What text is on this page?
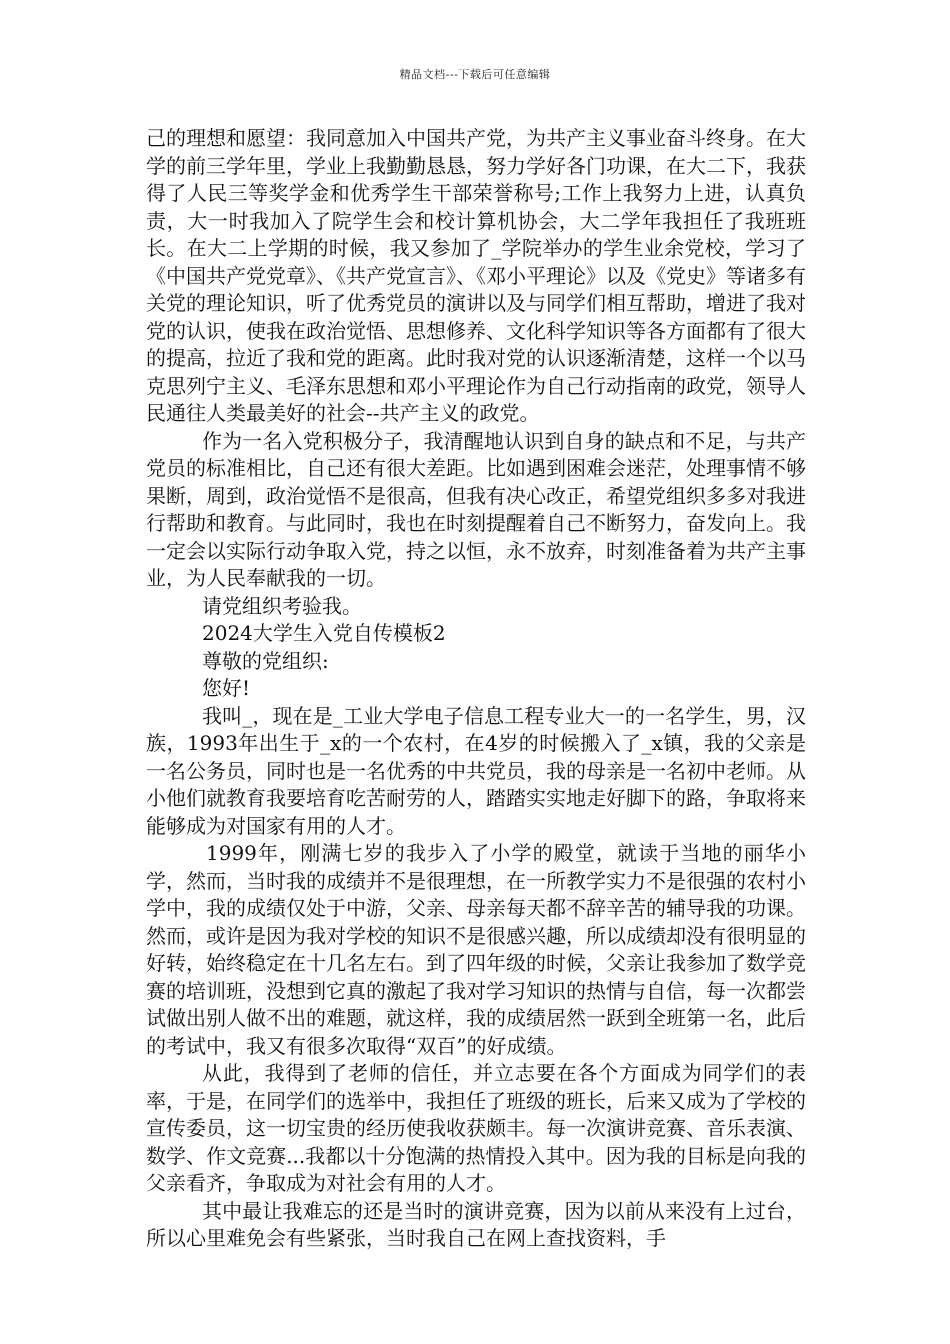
精品文档---下载后可任意编辑

己的理想和愿望：我同意加入中国共产党，为共产主义事业奋斗终身。在大学的前三学年里，学业上我勤勤恳恳，努力学好各门功课，在大二下，我获得了人民三等奖学金和优秀学生干部荣誉称号;工作上我努力上进，认真负责，大一时我加入了院学生会和校计算机协会，大二学年我担任了我班班长。在大二上学期的时候，我又参加了_学院举办的学生业余党校，学习了《中国共产党党章》、《共产党宣言》、《邓小平理论》以及《党史》等诸多有关党的理论知识，听了优秀党员的演讲以及与同学们相互帮助，增进了我对党的认识，使我在政治觉悟、思想修养、文化科学知识等各方面都有了很大的提高，拉近了我和党的距离。此时我对党的认识逐渐清楚，这样一个以马克思列宁主义、毛泽东思想和邓小平理论作为自己行动指南的政党，领导人民通往人类最美好的社会--共产主义的政党。

作为一名入党积极分子，我清醒地认识到自身的缺点和不足，与共产党员的标准相比，自己还有很大差距。比如遇到困难会迷茫，处理事情不够果断，周到，政治觉悟不是很高，但我有决心改正，希望党组织多多对我进行帮助和教育。与此同时，我也在时刻提醒着自己不断努力，奋发向上。我一定会以实际行动争取入党，持之以恒，永不放弃，时刻准备着为共产主事业，为人民奉献我的一切。

请党组织考验我。

2024大学生入党自传模板2

尊敬的党组织:

您好!

我叫_，现在是_工业大学电子信息工程专业大一的一名学生，男，汉族，1993年出生于_x的一个农村，在4岁的时候搬入了_x镇，我的父亲是一名公务员，同时也是一名优秀的中共党员，我的母亲是一名初中老师。从小他们就教育我要培育吃苦耐劳的人，踏踏实实地走好脚下的路，争取将来能够成为对国家有用的人才。

1999年，刚满七岁的我步入了小学的殿堂，就读于当地的丽华小学，然而，当时我的成绩并不是很理想，在一所教学实力不是很强的农村小学中，我的成绩仅处于中游，父亲、母亲每天都不辞辛苦的辅导我的功课。然而，或许是因为我对学校的知识不是很感兴趣，所以成绩却没有很明显的好转，始终稳定在十几名左右。到了四年级的时候，父亲让我参加了数学竞赛的培训班，没想到它真的激起了我对学习知识的热情与自信，每一次都尝试做出别人做不出的难题，就这样，我的成绩居然一跃到全班第一名，此后的考试中，我又有很多次取得“双百”的好成绩。

从此，我得到了老师的信任，并立志要在各个方面成为同学们的表率，于是，在同学们的选举中，我担任了班级的班长，后来又成为了学校的宣传委员，这一切宝贵的经历使我收获颇丰。每一次演讲竞赛、音乐表演、数学、作文竞赛...我都以十分饱满的热情投入其中。因为我的目标是向我的父亲看齐，争取成为对社会有用的人才。

其中最让我难忘的还是当时的演讲竞赛，因为以前从来没有上过台，所以心里难免会有些紧张，当时我自己在网上查找资料，手
